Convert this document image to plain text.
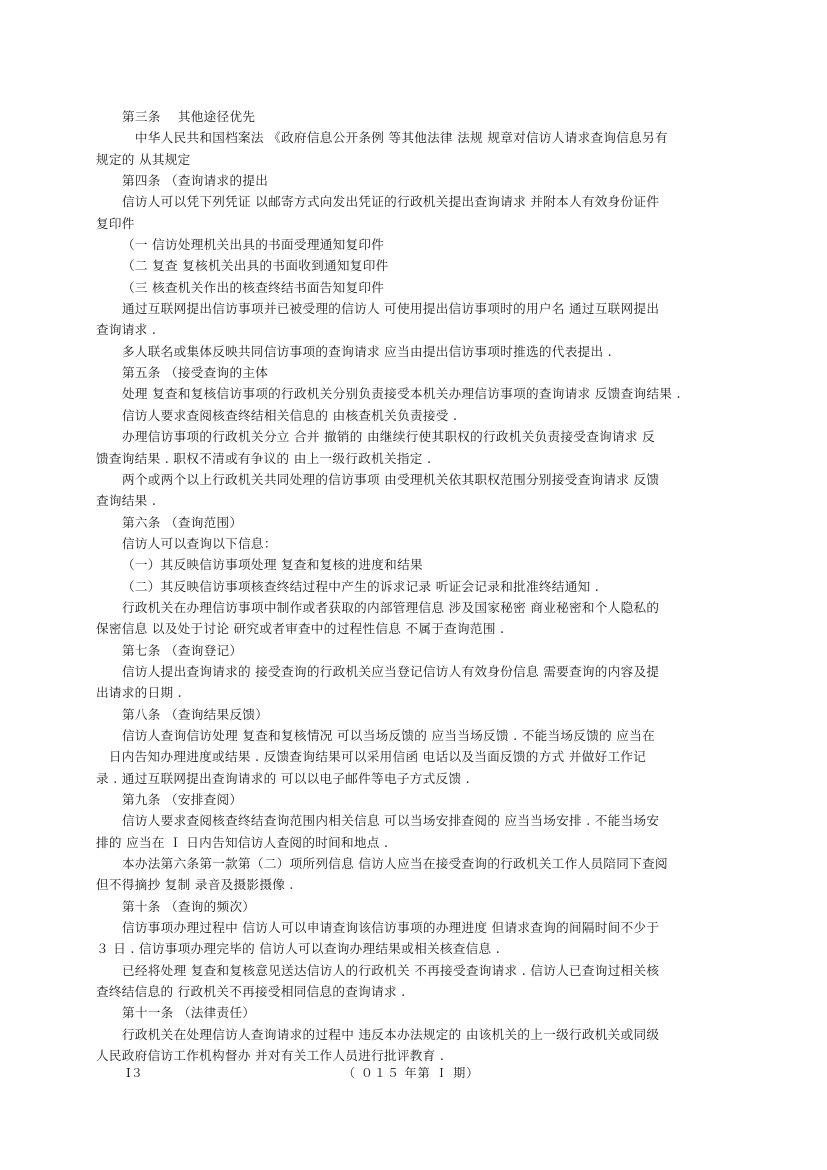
第三条　 其他途径优先
　中华人民共和国档案法 《政府信息公开条例 等其他法律 法规 规章对信访人请求查询信息另有
规定的 从其规定
第四条 （查询请求的提出
信访人可以凭下列凭证 以邮寄方式向发出凭证的行政机关提出查询请求 并附本人有效身份证件
复印件
（一 信访处理机关出具的书面受理通知复印件
（二 复查 复核机关出具的书面收到通知复印件
（三 核查机关作出的核查终结书面告知复印件
通过互联网提出信访事项并已被受理的信访人 可使用提出信访事项时的用户名 通过互联网提出
查询请求 .
多人联名或集体反映共同信访事项的查询请求 应当由提出信访事项时推选的代表提出 .
第五条 （接受查询的主体
处理 复查和复核信访事项的行政机关分别负责接受本机关办理信访事项的查询请求 反馈查询结果 .
信访人要求查阅核查终结相关信息的 由核查机关负责接受 .
办理信访事项的行政机关分立 合并 撤销的 由继续行使其职权的行政机关负责接受查询请求 反
馈查询结果 . 职权不清或有争议的 由上一级行政机关指定 .
两个或两个以上行政机关共同处理的信访事项 由受理机关依其职权范围分别接受查询请求 反馈
查询结果 .
第六条 （查询范围）
信访人可以查询以下信息：
（一）其反映信访事项处理 复查和复核的进度和结果
（二）其反映信访事项核查终结过程中产生的诉求记录 听证会记录和批准终结通知 .
行政机关在办理信访事项中制作或者获取的内部管理信息 涉及国家秘密 商业秘密和个人隐私的
保密信息 以及处于讨论 研究或者审查中的过程性信息 不属于查询范围 .
第七条 （查询登记）
信访人提出查询请求的 接受查询的行政机关应当登记信访人有效身份信息 需要查询的内容及提
出请求的日期 .
第八条 （查询结果反馈）
信访人查询信访处理 复查和复核情况 可以当场反馈的 应当当场反馈 . 不能当场反馈的 应当在
　日内告知办理进度或结果 . 反馈查询结果可以采用信函 电话以及当面反馈的方式 并做好工作记
录 . 通过互联网提出查询请求的 可以以电子邮件等电子方式反馈 .
第九条 （安排查阅）
信访人要求查阅核查终结查询范围内相关信息 可以当场安排查阅的 应当当场安排 . 不能当场安
排的 应当在 Ｉ 日内告知信访人查阅的时间和地点 .
本办法第六条第一款第（二）项所列信息 信访人应当在接受查询的行政机关工作人员陪同下查阅
但不得摘抄 复制 录音及摄影摄像 .
第十条 （查询的频次）
信访事项办理过程中 信访人可以申请查询该信访事项的办理进度 但请求查询的间隔时间不少于
３ 日 . 信访事项办理完毕的 信访人可以查询办理结果或相关核查信息 .
已经将处理 复查和复核意见送达信访人的行政机关 不再接受查询请求 . 信访人已查询过相关核
查终结信息的 行政机关不再接受相同信息的查询请求 .
第十一条 （法律责任）
行政机关在处理信访人查询请求的过程中 违反本办法规定的 由该机关的上一级行政机关或同级
人民政府信访工作机构督办 并对有关工作人员进行批评教育 .
I３	（ ０１５ 年第 Ｉ 期）
